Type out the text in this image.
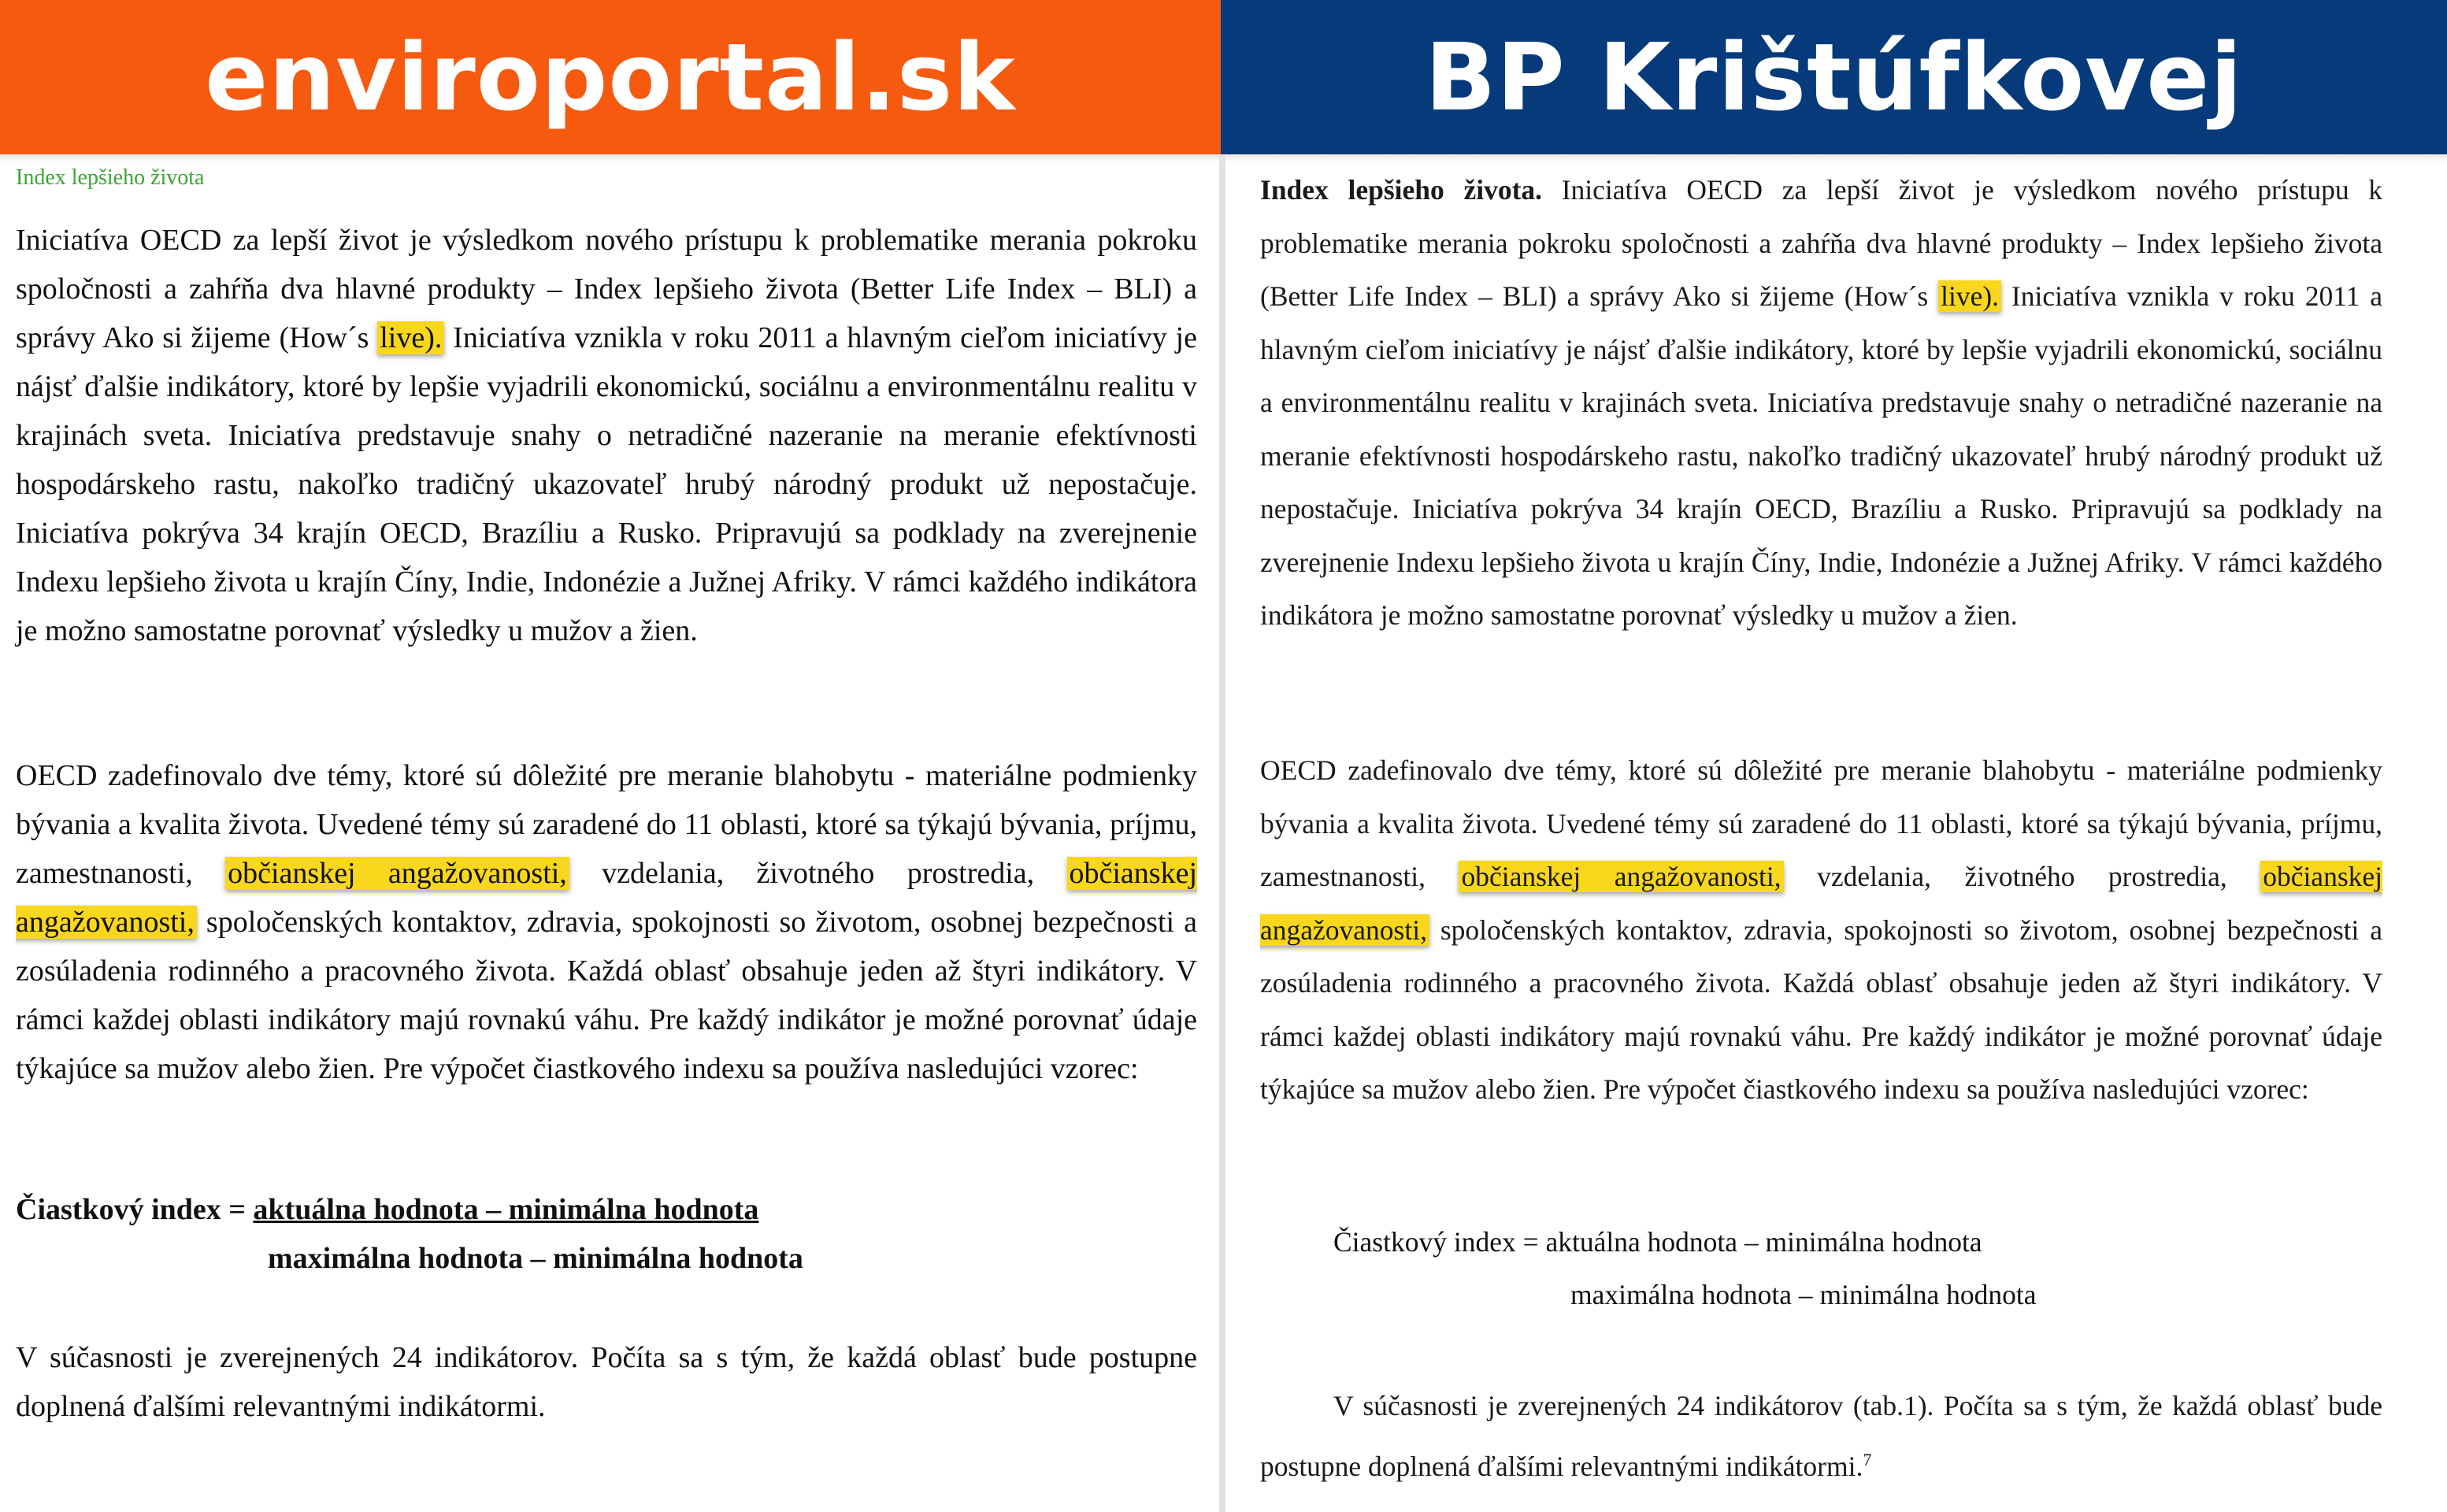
enviroportal.sk	BP Krištúfkovej
Index lepšieho života
Iniciatíva OECD za lepší život je výsledkom nového prístupu k problematike merania pokroku spoločnosti a zahŕňa dva hlavné produkty – Index lepšieho života (Better Life Index – BLI) a správy Ako si žijeme (How´s live). Iniciatíva vznikla v roku 2011 a hlavným cieľom iniciatívy je nájsť ďalšie indikátory, ktoré by lepšie vyjadrili ekonomickú, sociálnu a environmentálnu realitu v krajinách sveta. Iniciatíva predstavuje snahy o netradičné nazeranie na meranie efektívnosti hospodárskeho rastu, nakoľko tradičný ukazovateľ hrubý národný produkt už nepostačuje. Iniciatíva pokrýva 34 krajín OECD, Brazíliu a Rusko. Pripravujú sa podklady na zverejnenie Indexu lepšieho života u krajín Číny, Indie, Indonézie a Južnej Afriky. V rámci každého indikátora je možno samostatne porovnať výsledky u mužov a žien.
OECD zadefinovalo dve témy, ktoré sú dôležité pre meranie blahobytu - materiálne podmienky bývania a kvalita života. Uvedené témy sú zaradené do 11 oblasti, ktoré sa týkajú bývania, príjmu, zamestnanosti, občianskej angažovanosti, vzdelania, životného prostredia, občianskej angažovanosti, spoločenských kontaktov, zdravia, spokojnosti so životom, osobnej bezpečnosti a zosúladenia rodinného a pracovného života. Každá oblasť obsahuje jeden až štyri indikátory. V rámci každej oblasti indikátory majú rovnakú váhu. Pre každý indikátor je možné porovnať údaje týkajúce sa mužov alebo žien. Pre výpočet čiastkového indexu sa používa nasledujúci vzorec:
Čiastkový index = aktuálna hodnota – minimálna hodnota
maximálna hodnota – minimálna hodnota
V súčasnosti je zverejnených 24 indikátorov. Počíta sa s tým, že každá oblasť bude postupne doplnená ďalšími relevantnými indikátormi.
Index lepšieho života. Iniciatíva OECD za lepší život je výsledkom nového prístupu k problematike merania pokroku spoločnosti a zahŕňa dva hlavné produkty – Index lepšieho života (Better Life Index – BLI) a správy Ako si žijeme (How´s live). Iniciatíva vznikla v roku 2011 a hlavným cieľom iniciatívy je nájsť ďalšie indikátory, ktoré by lepšie vyjadrili ekonomickú, sociálnu a environmentálnu realitu v krajinách sveta. Iniciatíva predstavuje snahy o netradičné nazeranie na meranie efektívnosti hospodárskeho rastu, nakoľko tradičný ukazovateľ hrubý národný produkt už nepostačuje. Iniciatíva pokrýva 34 krajín OECD, Brazíliu a Rusko. Pripravujú sa podklady na zverejnenie Indexu lepšieho života u krajín Číny, Indie, Indonézie a Južnej Afriky. V rámci každého indikátora je možno samostatne porovnať výsledky u mužov a žien.
OECD zadefinovalo dve témy, ktoré sú dôležité pre meranie blahobytu - materiálne podmienky bývania a kvalita života. Uvedené témy sú zaradené do 11 oblasti, ktoré sa týkajú bývania, príjmu, zamestnanosti, občianskej angažovanosti, vzdelania, životného prostredia, občianskej angažovanosti, spoločenských kontaktov, zdravia, spokojnosti so životom, osobnej bezpečnosti a zosúladenia rodinného a pracovného života. Každá oblasť obsahuje jeden až štyri indikátory. V rámci každej oblasti indikátory majú rovnakú váhu. Pre každý indikátor je možné porovnať údaje týkajúce sa mužov alebo žien. Pre výpočet čiastkového indexu sa používa nasledujúci vzorec:
Čiastkový index = aktuálna hodnota – minimálna hodnota
maximálna hodnota – minimálna hodnota
V súčasnosti je zverejnených 24 indikátorov (tab.1). Počíta sa s tým, že každá oblasť bude postupne doplnená ďalšími relevantnými indikátormi.$^7$
